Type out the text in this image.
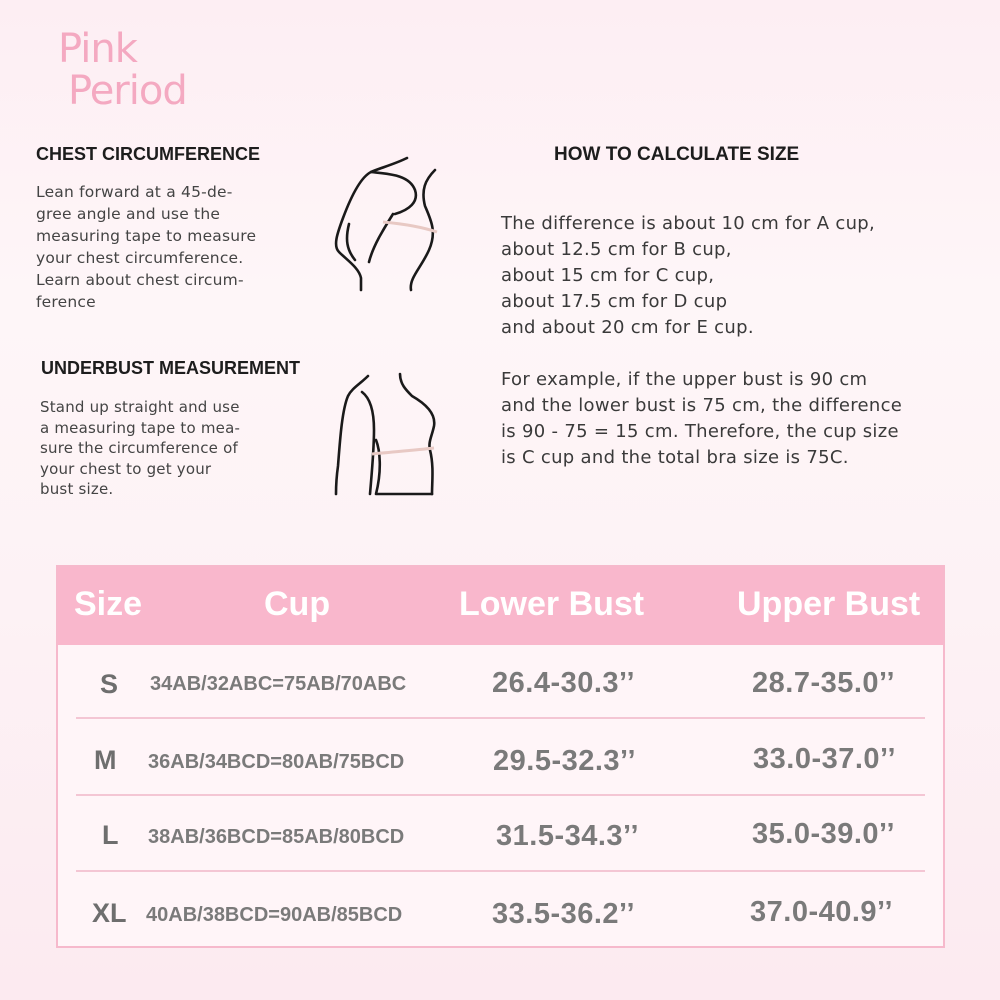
Pink
Period
CHEST CIRCUMFERENCE
Lean forward at a 45-de-
gree angle and use the
measuring tape to measure
your chest circumference.
Learn about chest circum-
ference
UNDERBUST MEASUREMENT
Stand up straight and use
a measuring tape to mea-
sure the circumference of
your chest to get your
bust size.
HOW TO CALCULATE SIZE
The difference is about 10 cm for A cup,
about 12.5 cm for B cup,
about 15 cm for C cup,
about 17.5 cm for D cup
and about 20 cm for E cup.
For example, if the upper bust is 90 cm
and the lower bust is 75 cm, the difference
is 90 - 75 = 15 cm. Therefore, the cup size
is C cup and the total bra size is 75C.
Size	Cup	Lower Bust	Upper Bust
S 34AB/32ABC=75AB/70ABC	26.4-30.3’’	28.7-35.0’’
M 36AB/34BCD=80AB/75BCD	29.5-32.3’’	33.0-37.0’’
L 38AB/36BCD=85AB/80BCD	31.5-34.3’’	35.0-39.0’’
XL 40AB/38BCD=90AB/85BCD	33.5-36.2’’	37.0-40.9’’
